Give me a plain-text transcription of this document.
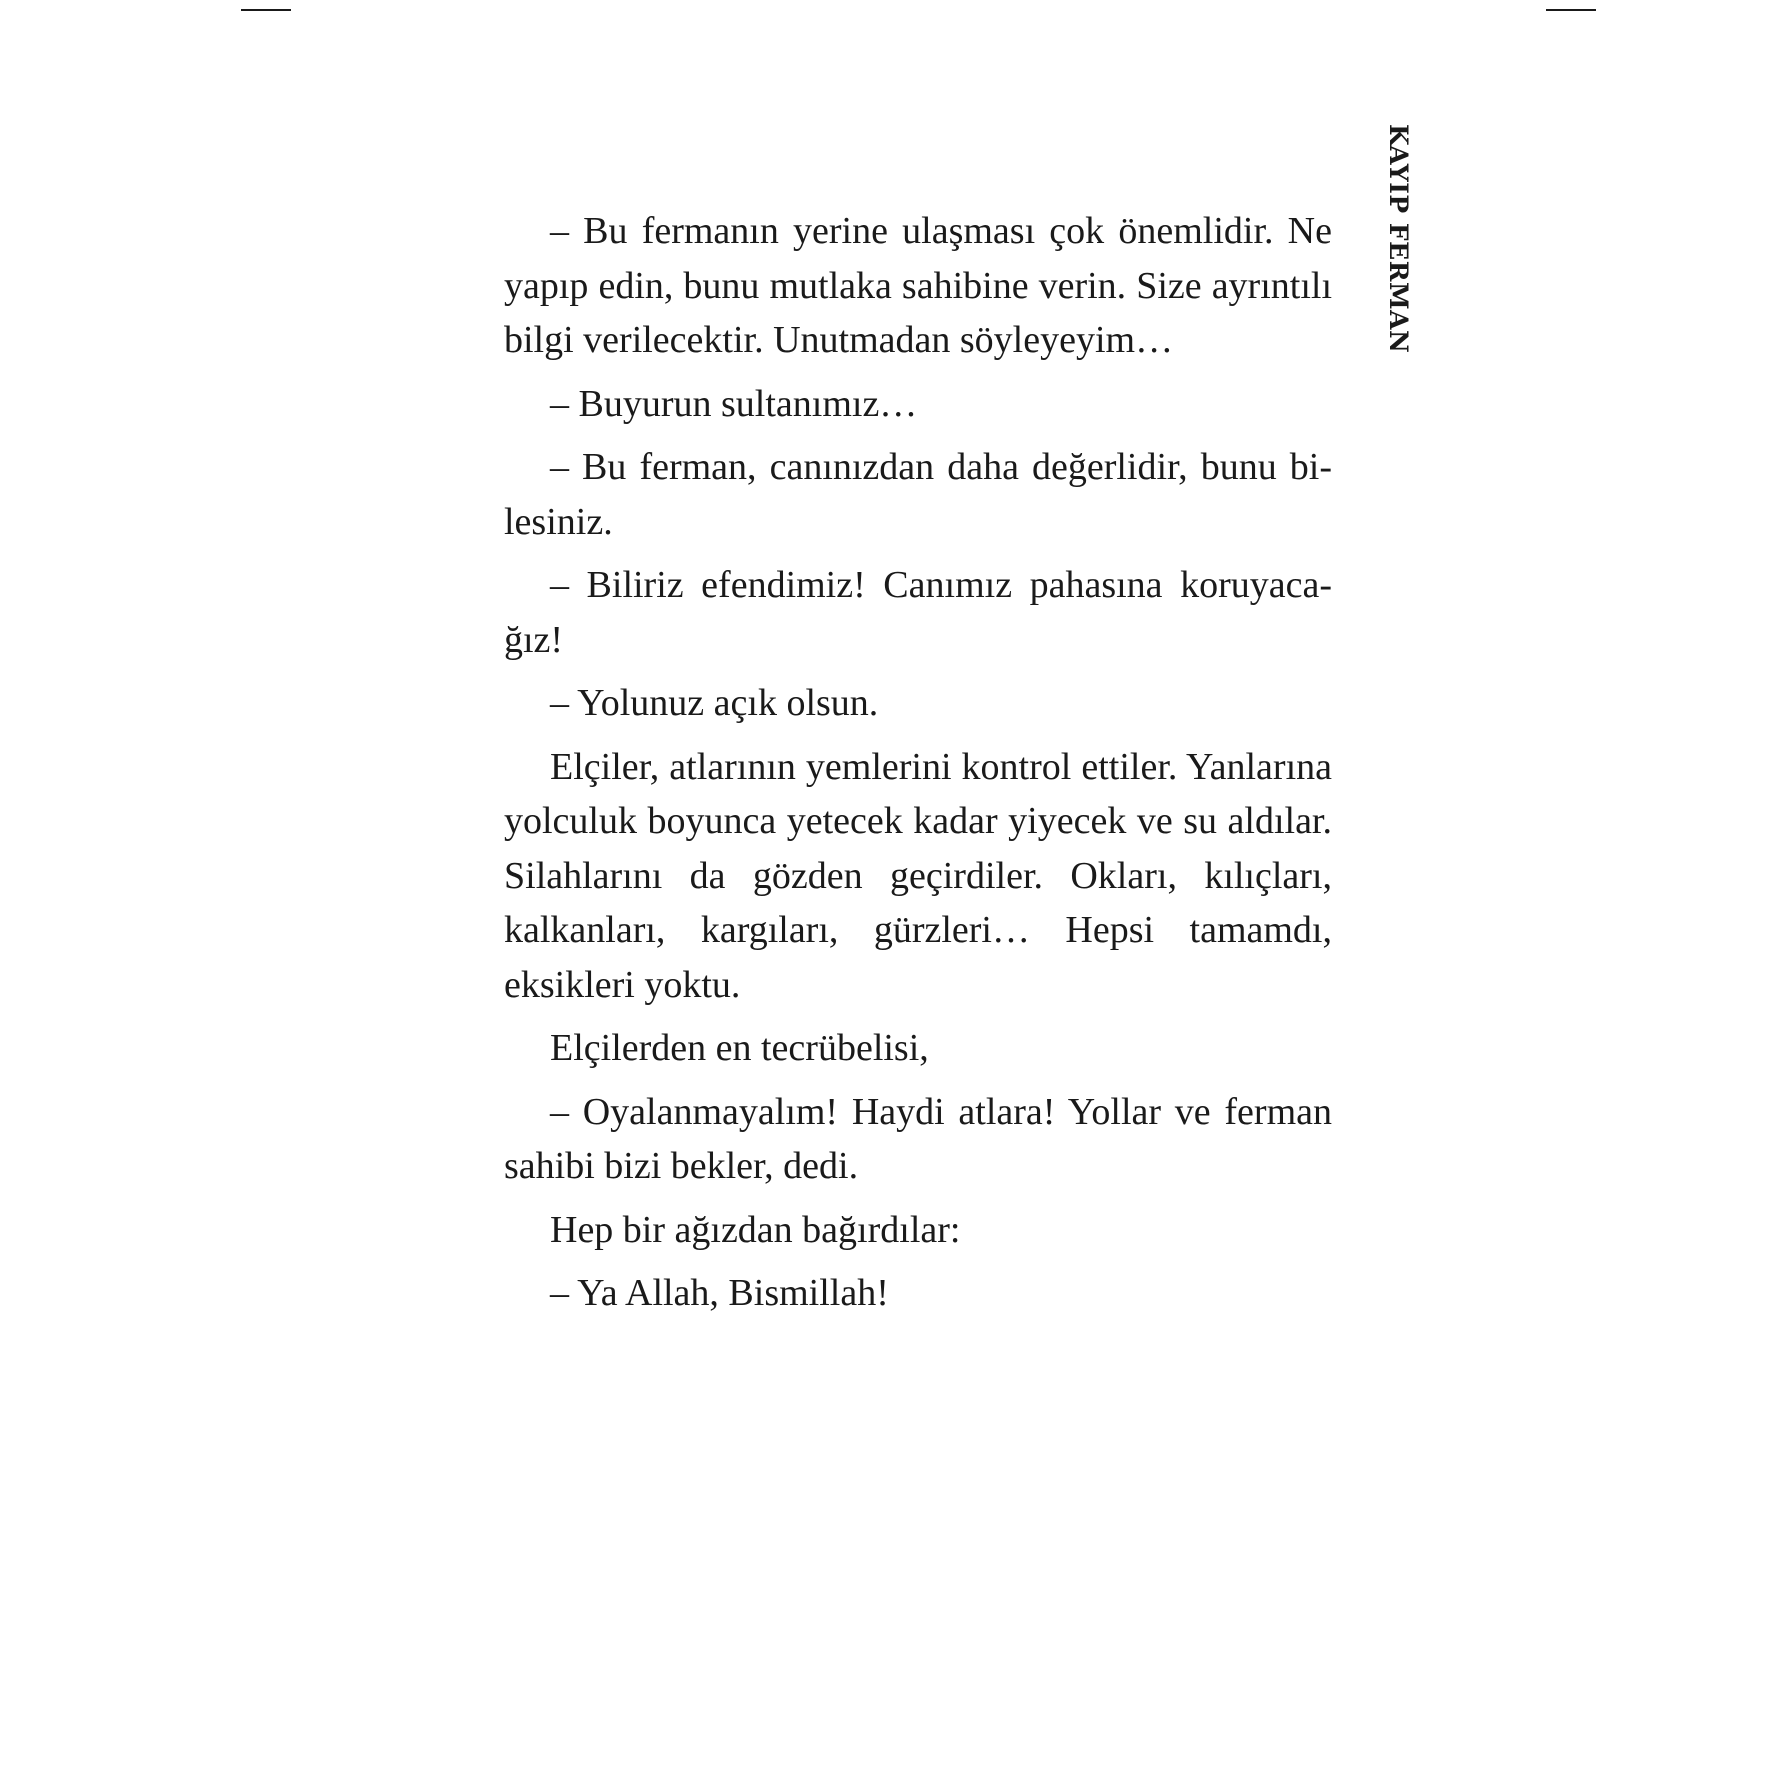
KAYIP FERMAN

– Bu fermanın yerine ulaşması çok önemlidir. Ne yapıp edin, bunu mutlaka sahibine verin. Size ayrıntılı bilgi verilecektir. Unutmadan söyleyeyim…

– Buyurun sultanımız…

– Bu ferman, canınızdan daha değerlidir, bunu bilesiniz.

– Biliriz efendimiz! Canımız pahasına koruyacağız!

– Yolunuz açık olsun.

Elçiler, atlarının yemlerini kontrol ettiler. Yanlarına yolculuk boyunca yetecek kadar yiyecek ve su aldılar. Silahlarını da gözden geçirdiler. Okları, kılıçları, kalkanları, kargıları, gürzleri… Hepsi tamamdı, eksikleri yoktu.

Elçilerden en tecrübelisi,

– Oyalanmayalım! Haydi atlara! Yollar ve ferman sahibi bizi bekler, dedi.

Hep bir ağızdan bağırdılar:

– Ya Allah, Bismillah!
